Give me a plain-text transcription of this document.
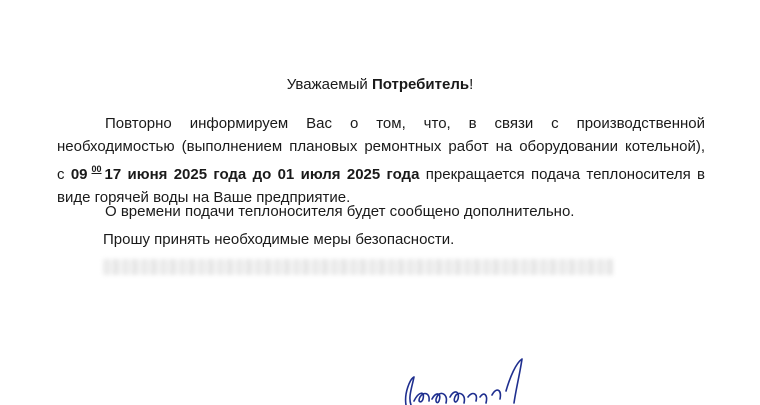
Уважаемый Потребитель!
Повторно информируем Вас о том, что, в связи с производственной
необходимостью (выполнением плановых ремонтных работ на оборудовании котельной),
с 09 $^{00}$ 17 июня 2025 года до 01 июля 2025 года прекращается подача теплоносителя в
виде горячей воды на Ваше предприятие.
О времени подачи теплоносителя будет сообщено дополнительно.
Прошу принять необходимые меры безопасности.
